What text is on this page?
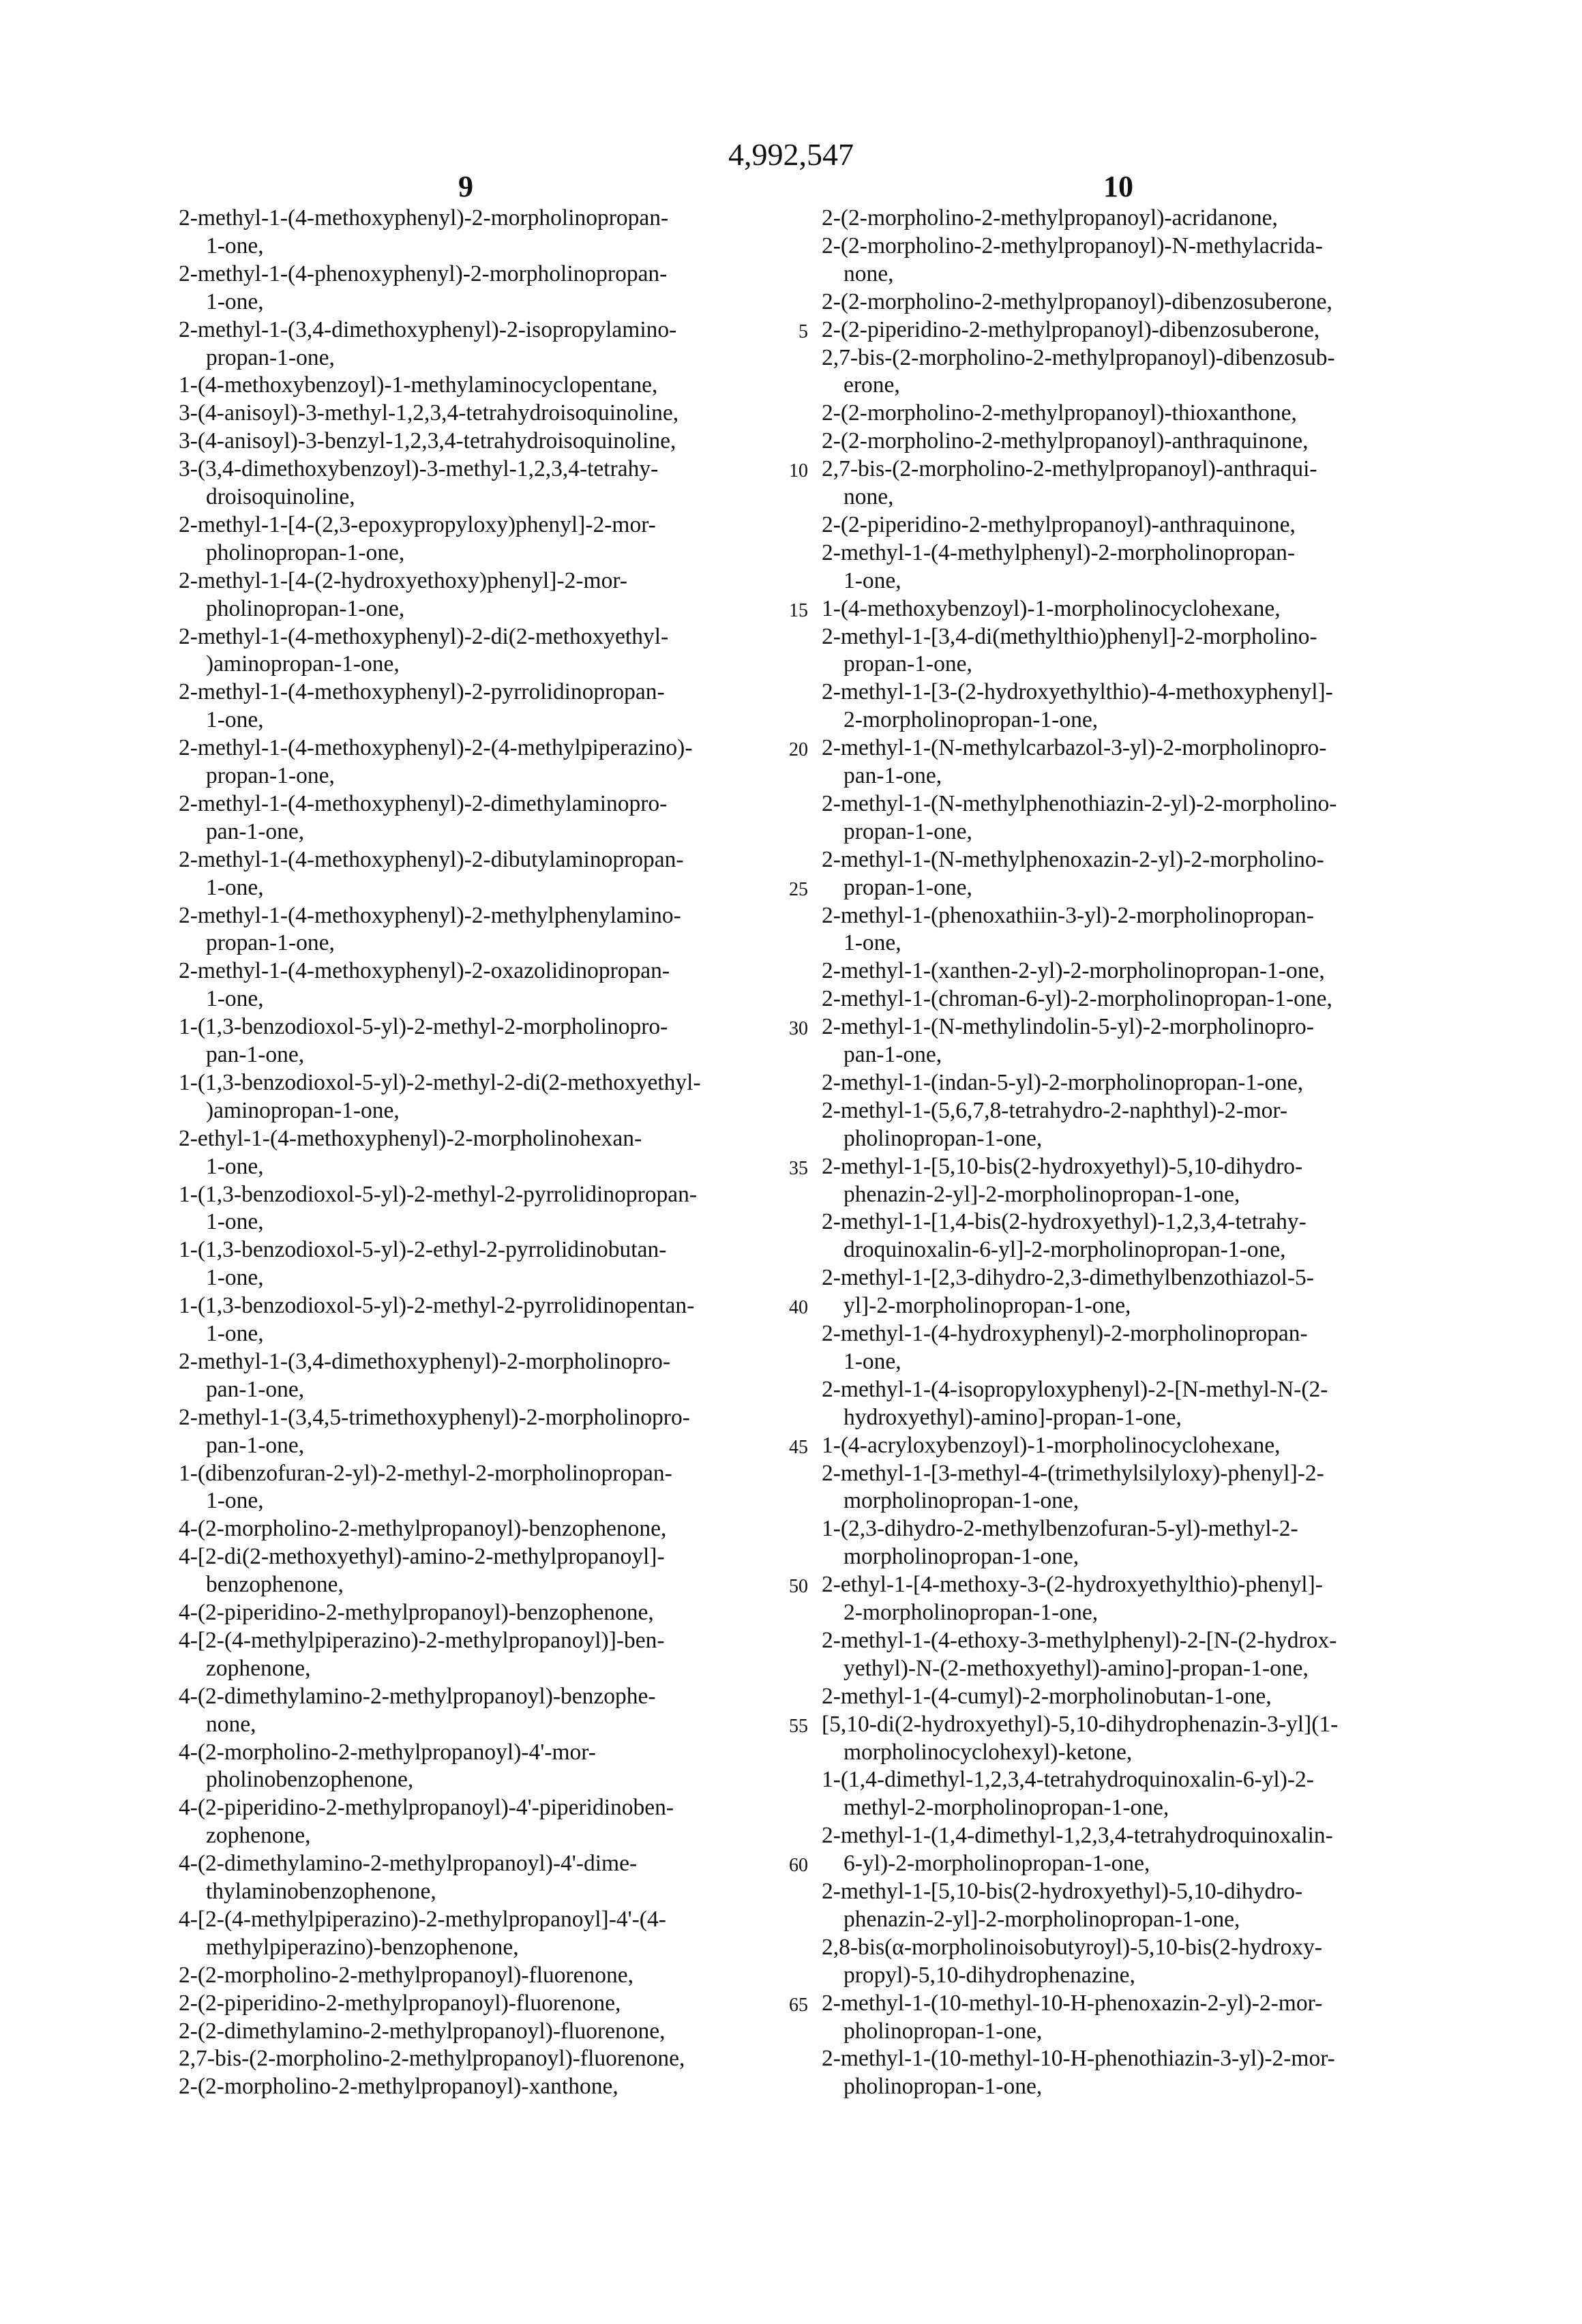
4,992,547
9	10
2-methyl-1-(4-methoxyphenyl)-2-morpholinopropan-
1-one,
2-methyl-1-(4-phenoxyphenyl)-2-morpholinopropan-
1-one,
2-methyl-1-(3,4-dimethoxyphenyl)-2-isopropylamino-
propan-1-one,
1-(4-methoxybenzoyl)-1-methylaminocyclopentane,
3-(4-anisoyl)-3-methyl-1,2,3,4-tetrahydroisoquinoline,
3-(4-anisoyl)-3-benzyl-1,2,3,4-tetrahydroisoquinoline,
3-(3,4-dimethoxybenzoyl)-3-methyl-1,2,3,4-tetrahy-
droisoquinoline,
2-methyl-1-[4-(2,3-epoxypropyloxy)phenyl]-2-mor-
pholinopropan-1-one,
2-methyl-1-[4-(2-hydroxyethoxy)phenyl]-2-mor-
pholinopropan-1-one,
2-methyl-1-(4-methoxyphenyl)-2-di(2-methoxyethyl-
)aminopropan-1-one,
2-methyl-1-(4-methoxyphenyl)-2-pyrrolidinopropan-
1-one,
2-methyl-1-(4-methoxyphenyl)-2-(4-methylpiperazino)-
propan-1-one,
2-methyl-1-(4-methoxyphenyl)-2-dimethylaminopro-
pan-1-one,
2-methyl-1-(4-methoxyphenyl)-2-dibutylaminopropan-
1-one,
2-methyl-1-(4-methoxyphenyl)-2-methylphenylamino-
propan-1-one,
2-methyl-1-(4-methoxyphenyl)-2-oxazolidinopropan-
1-one,
1-(1,3-benzodioxol-5-yl)-2-methyl-2-morpholinopro-
pan-1-one,
1-(1,3-benzodioxol-5-yl)-2-methyl-2-di(2-methoxyethyl-
)aminopropan-1-one,
2-ethyl-1-(4-methoxyphenyl)-2-morpholinohexan-
1-one,
1-(1,3-benzodioxol-5-yl)-2-methyl-2-pyrrolidinopropan-
1-one,
1-(1,3-benzodioxol-5-yl)-2-ethyl-2-pyrrolidinobutan-
1-one,
1-(1,3-benzodioxol-5-yl)-2-methyl-2-pyrrolidinopentan-
1-one,
2-methyl-1-(3,4-dimethoxyphenyl)-2-morpholinopro-
pan-1-one,
2-methyl-1-(3,4,5-trimethoxyphenyl)-2-morpholinopro-
pan-1-one,
1-(dibenzofuran-2-yl)-2-methyl-2-morpholinopropan-
1-one,
4-(2-morpholino-2-methylpropanoyl)-benzophenone,
4-[2-di(2-methoxyethyl)-amino-2-methylpropanoyl]-
benzophenone,
4-(2-piperidino-2-methylpropanoyl)-benzophenone,
4-[2-(4-methylpiperazino)-2-methylpropanoyl)]-ben-
zophenone,
4-(2-dimethylamino-2-methylpropanoyl)-benzophe-
none,
4-(2-morpholino-2-methylpropanoyl)-4'-mor-
pholinobenzophenone,
4-(2-piperidino-2-methylpropanoyl)-4'-piperidinoben-
zophenone,
4-(2-dimethylamino-2-methylpropanoyl)-4'-dime-
thylaminobenzophenone,
4-[2-(4-methylpiperazino)-2-methylpropanoyl]-4'-(4-
methylpiperazino)-benzophenone,
2-(2-morpholino-2-methylpropanoyl)-fluorenone,
2-(2-piperidino-2-methylpropanoyl)-fluorenone,
2-(2-dimethylamino-2-methylpropanoyl)-fluorenone,
2,7-bis-(2-morpholino-2-methylpropanoyl)-fluorenone,
2-(2-morpholino-2-methylpropanoyl)-xanthone,
2-(2-morpholino-2-methylpropanoyl)-acridanone,
2-(2-morpholino-2-methylpropanoyl)-N-methylacrida-
none,
2-(2-morpholino-2-methylpropanoyl)-dibenzosuberone,
2-(2-piperidino-2-methylpropanoyl)-dibenzosuberone,
2,7-bis-(2-morpholino-2-methylpropanoyl)-dibenzosub-
erone,
2-(2-morpholino-2-methylpropanoyl)-thioxanthone,
2-(2-morpholino-2-methylpropanoyl)-anthraquinone,
2,7-bis-(2-morpholino-2-methylpropanoyl)-anthraqui-
none,
2-(2-piperidino-2-methylpropanoyl)-anthraquinone,
2-methyl-1-(4-methylphenyl)-2-morpholinopropan-
1-one,
1-(4-methoxybenzoyl)-1-morpholinocyclohexane,
2-methyl-1-[3,4-di(methylthio)phenyl]-2-morpholino-
propan-1-one,
2-methyl-1-[3-(2-hydroxyethylthio)-4-methoxyphenyl]-
2-morpholinopropan-1-one,
2-methyl-1-(N-methylcarbazol-3-yl)-2-morpholinopro-
pan-1-one,
2-methyl-1-(N-methylphenothiazin-2-yl)-2-morpholino-
propan-1-one,
2-methyl-1-(N-methylphenoxazin-2-yl)-2-morpholino-
propan-1-one,
2-methyl-1-(phenoxathiin-3-yl)-2-morpholinopropan-
1-one,
2-methyl-1-(xanthen-2-yl)-2-morpholinopropan-1-one,
2-methyl-1-(chroman-6-yl)-2-morpholinopropan-1-one,
2-methyl-1-(N-methylindolin-5-yl)-2-morpholinopro-
pan-1-one,
2-methyl-1-(indan-5-yl)-2-morpholinopropan-1-one,
2-methyl-1-(5,6,7,8-tetrahydro-2-naphthyl)-2-mor-
pholinopropan-1-one,
2-methyl-1-[5,10-bis(2-hydroxyethyl)-5,10-dihydro-
phenazin-2-yl]-2-morpholinopropan-1-one,
2-methyl-1-[1,4-bis(2-hydroxyethyl)-1,2,3,4-tetrahy-
droquinoxalin-6-yl]-2-morpholinopropan-1-one,
2-methyl-1-[2,3-dihydro-2,3-dimethylbenzothiazol-5-
yl]-2-morpholinopropan-1-one,
2-methyl-1-(4-hydroxyphenyl)-2-morpholinopropan-
1-one,
2-methyl-1-(4-isopropyloxyphenyl)-2-[N-methyl-N-(2-
hydroxyethyl)-amino]-propan-1-one,
1-(4-acryloxybenzoyl)-1-morpholinocyclohexane,
2-methyl-1-[3-methyl-4-(trimethylsilyloxy)-phenyl]-2-
morpholinopropan-1-one,
1-(2,3-dihydro-2-methylbenzofuran-5-yl)-methyl-2-
morpholinopropan-1-one,
2-ethyl-1-[4-methoxy-3-(2-hydroxyethylthio)-phenyl]-
2-morpholinopropan-1-one,
2-methyl-1-(4-ethoxy-3-methylphenyl)-2-[N-(2-hydrox-
yethyl)-N-(2-methoxyethyl)-amino]-propan-1-one,
2-methyl-1-(4-cumyl)-2-morpholinobutan-1-one,
[5,10-di(2-hydroxyethyl)-5,10-dihydrophenazin-3-yl](1-
morpholinocyclohexyl)-ketone,
1-(1,4-dimethyl-1,2,3,4-tetrahydroquinoxalin-6-yl)-2-
methyl-2-morpholinopropan-1-one,
2-methyl-1-(1,4-dimethyl-1,2,3,4-tetrahydroquinoxalin-
6-yl)-2-morpholinopropan-1-one,
2-methyl-1-[5,10-bis(2-hydroxyethyl)-5,10-dihydro-
phenazin-2-yl]-2-morpholinopropan-1-one,
2,8-bis(α-morpholinoisobutyroyl)-5,10-bis(2-hydroxy-
propyl)-5,10-dihydrophenazine,
2-methyl-1-(10-methyl-10-H-phenoxazin-2-yl)-2-mor-
pholinopropan-1-one,
2-methyl-1-(10-methyl-10-H-phenothiazin-3-yl)-2-mor-
pholinopropan-1-one,
5
10
15
20
25
30
35
40
45
50
55
60
65
